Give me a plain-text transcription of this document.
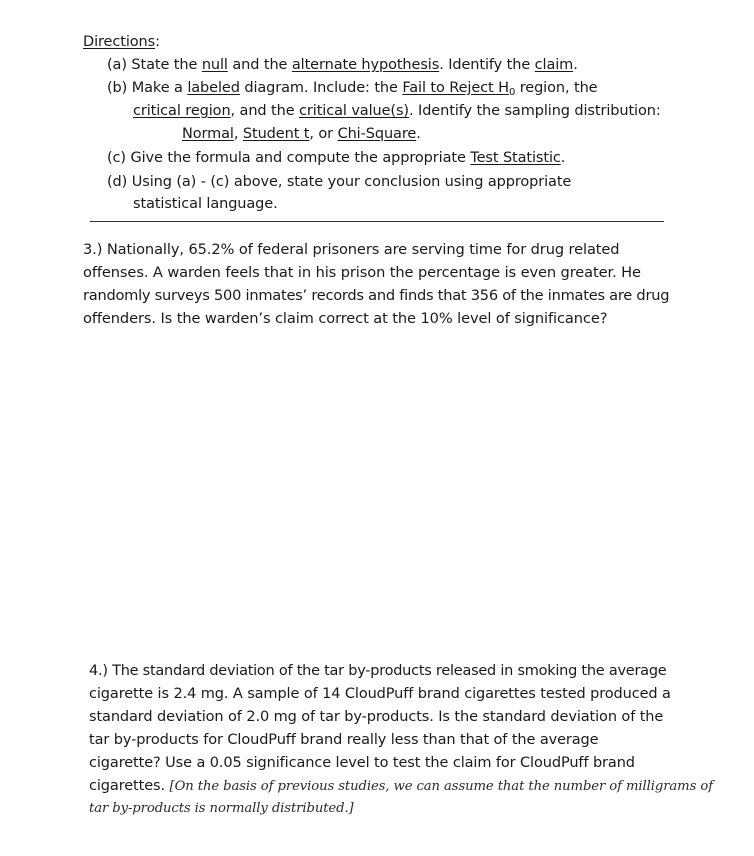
Directions:
(a) State the null and the alternate hypothesis. Identify the claim.
(b) Make a labeled diagram. Include: the Fail to Reject $H_0$ region, the
critical region, and the critical value(s). Identify the sampling distribution:
Normal, Student t, or Chi-Square.
(c) Give the formula and compute the appropriate Test Statistic.
(d) Using (a) - (c) above, state your conclusion using appropriate
statistical language.
3.) Nationally, 65.2% of federal prisoners are serving time for drug related
offenses. A warden feels that in his prison the percentage is even greater. He
randomly surveys 500 inmates’ records and finds that 356 of the inmates are drug
offenders. Is the warden’s claim correct at the 10% level of significance?
4.) The standard deviation of the tar by-products released in smoking the average
cigarette is 2.4 mg. A sample of 14 CloudPuff brand cigarettes tested produced a
standard deviation of 2.0 mg of tar by-products. Is the standard deviation of the
tar by-products for CloudPuff brand really less than that of the average
cigarette? Use a 0.05 significance level to test the claim for CloudPuff brand
cigarettes. [On the basis of previous studies, we can assume that the number of milligrams of
tar by-products is normally distributed.]
